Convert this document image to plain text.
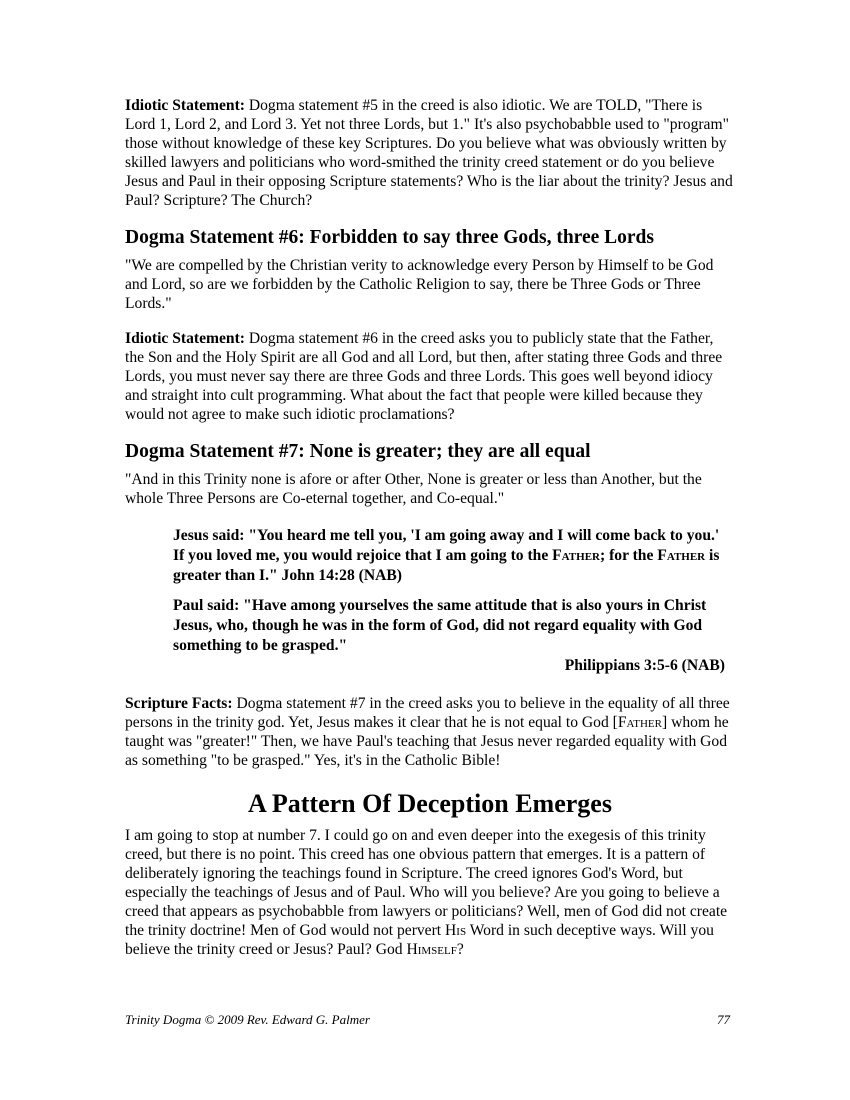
Idiotic Statement: Dogma statement #5 in the creed is also idiotic. We are TOLD, "There is Lord 1, Lord 2, and Lord 3. Yet not three Lords, but 1." It's also psychobabble used to "program" those without knowledge of these key Scriptures. Do you believe what was obviously written by skilled lawyers and politicians who word-smithed the trinity creed statement or do you believe Jesus and Paul in their opposing Scripture statements? Who is the liar about the trinity? Jesus and Paul? Scripture? The Church?

Dogma Statement #6: Forbidden to say three Gods, three Lords

"We are compelled by the Christian verity to acknowledge every Person by Himself to be God and Lord, so are we forbidden by the Catholic Religion to say, there be Three Gods or Three Lords."

Idiotic Statement: Dogma statement #6 in the creed asks you to publicly state that the Father, the Son and the Holy Spirit are all God and all Lord, but then, after stating three Gods and three Lords, you must never say there are three Gods and three Lords. This goes well beyond idiocy and straight into cult programming. What about the fact that people were killed because they would not agree to make such idiotic proclamations?

Dogma Statement #7: None is greater; they are all equal

"And in this Trinity none is afore or after Other, None is greater or less than Another, but the whole Three Persons are Co-eternal together, and Co-equal."

Jesus said: "You heard me tell you, 'I am going away and I will come back to you.' If you loved me, you would rejoice that I am going to the Father; for the Father is greater than I." John 14:28 (NAB)

Paul said: "Have among yourselves the same attitude that is also yours in Christ Jesus, who, though he was in the form of God, did not regard equality with God something to be grasped."

Philippians 3:5-6 (NAB)

Scripture Facts: Dogma statement #7 in the creed asks you to believe in the equality of all three persons in the trinity god. Yet, Jesus makes it clear that he is not equal to God [Father] whom he taught was "greater!" Then, we have Paul's teaching that Jesus never regarded equality with God as something "to be grasped." Yes, it's in the Catholic Bible!

A Pattern Of Deception Emerges

I am going to stop at number 7. I could go on and even deeper into the exegesis of this trinity creed, but there is no point. This creed has one obvious pattern that emerges. It is a pattern of deliberately ignoring the teachings found in Scripture. The creed ignores God's Word, but especially the teachings of Jesus and of Paul. Who will you believe? Are you going to believe a creed that appears as psychobabble from lawyers or politicians? Well, men of God did not create the trinity doctrine! Men of God would not pervert His Word in such deceptive ways. Will you believe the trinity creed or Jesus? Paul? God Himself?

Trinity Dogma © 2009 Rev. Edward G. Palmer	77
